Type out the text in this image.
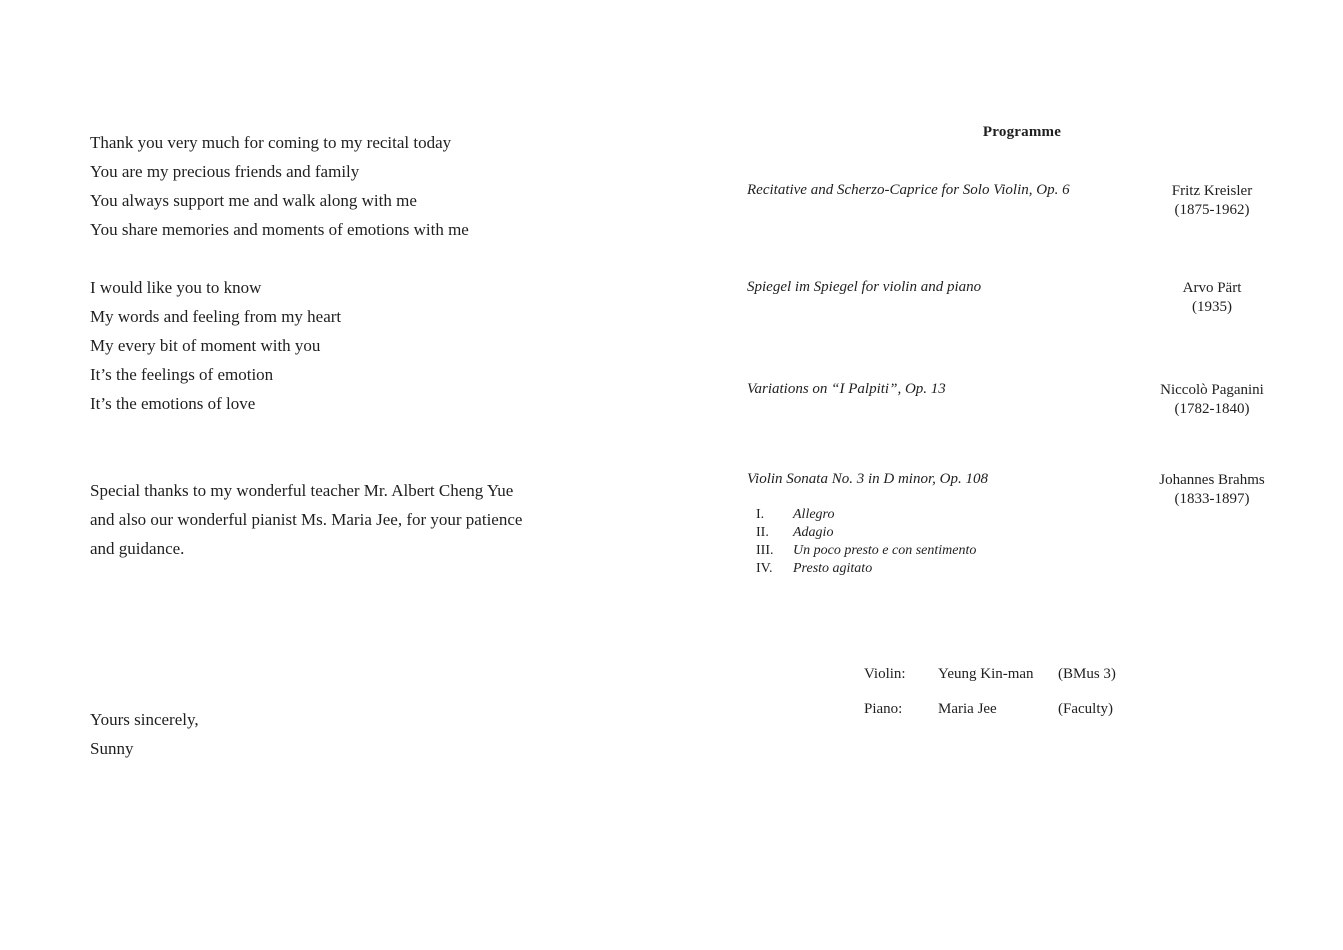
Thank you very much for coming to my recital today
You are my precious friends and family
You always support me and walk along with me
You share memories and moments of emotions with me
I would like you to know
My words and feeling from my heart
My every bit of moment with you
It’s the feelings of emotion
It’s the emotions of love
Special thanks to my wonderful teacher Mr. Albert Cheng Yue
and also our wonderful pianist Ms. Maria Jee, for your patience
and guidance.
Yours sincerely,
Sunny
Programme
Recitative and Scherzo-Caprice for Solo Violin, Op. 6	Fritz Kreisler
(1875-1962)
Spiegel im Spiegel for violin and piano	Arvo Pärt
(1935)
Variations on “I Palpiti”, Op. 13	Niccolò Paganini
(1782-1840)
Violin Sonata No. 3 in D minor, Op. 108	Johannes Brahms
(1833-1897)
I. Allegro
II. Adagio
III. Un poco presto e con sentimento
IV. Presto agitato
Violin: Yeung Kin-man (BMus 3)
Piano: Maria Jee	(Faculty)
